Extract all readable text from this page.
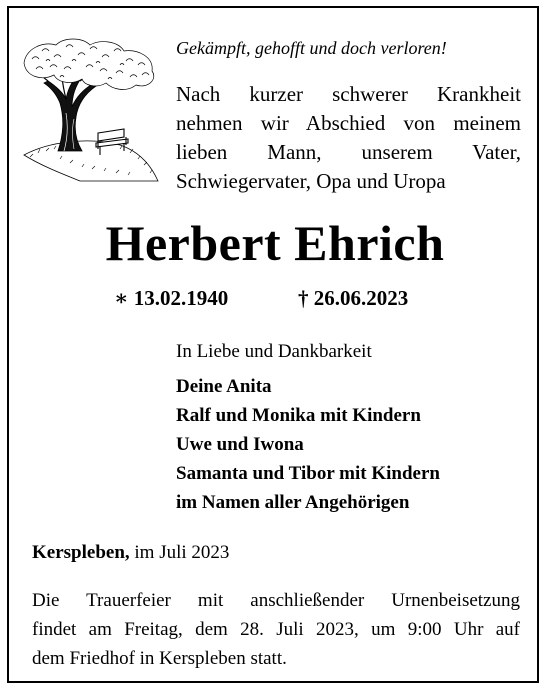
Gekämpft, gehofft und doch verloren!

Nach kurzer schwerer Krankheit
nehmen wir Abschied von meinem
lieben Mann, unserem Vater,
Schwiegervater, Opa und Uropa

Herbert Ehrich
∗ 13.02.1940	† 26.06.2023
In Liebe und Dankbarkeit
Deine Anita
Ralf und Monika mit Kindern
Uwe und Iwona
Samanta und Tibor mit Kindern
im Namen aller Angehörigen
Kerspleben, im Juli 2023

Die Trauerfeier mit anschließender Urnenbeisetzung
findet am Freitag, dem 28. Juli 2023, um 9:00 Uhr auf
dem Friedhof in Kerspleben statt.
